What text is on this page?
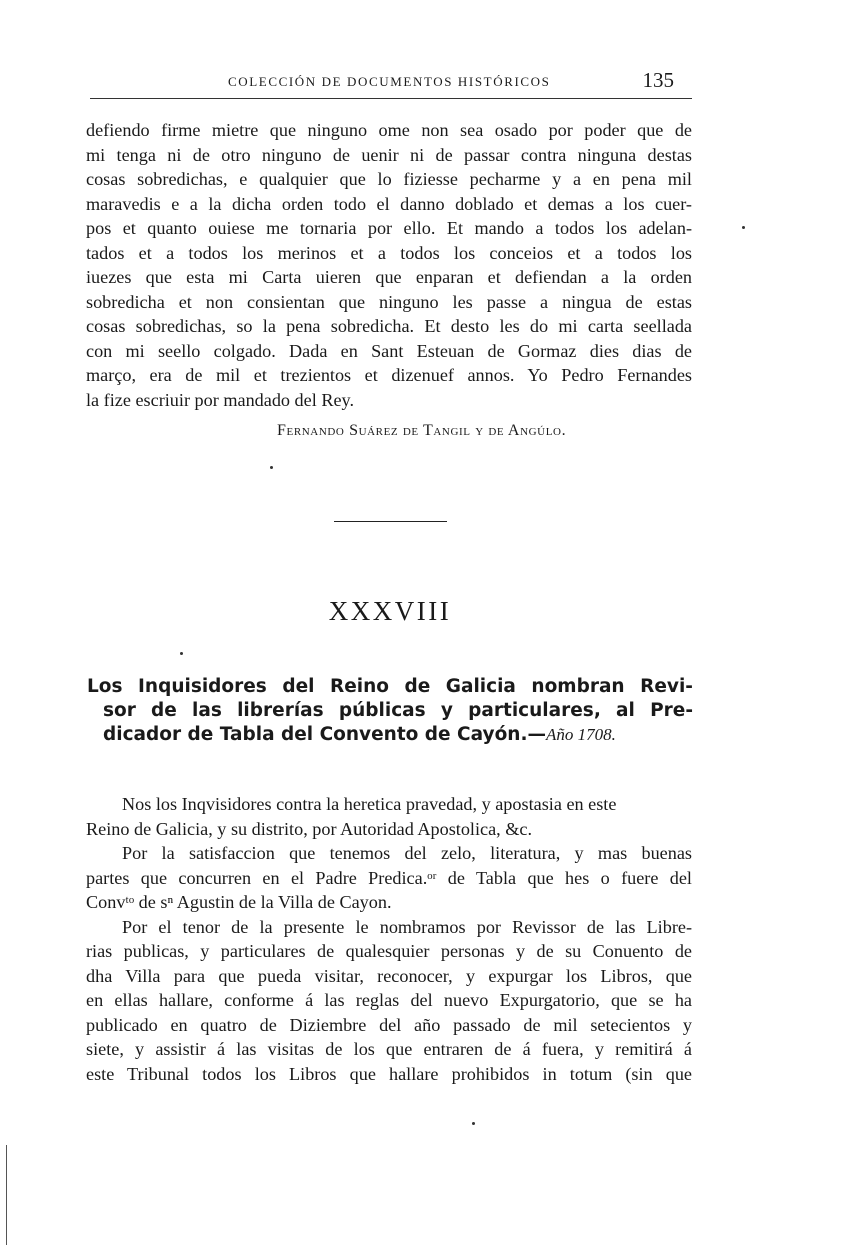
COLECCIÓN DE DOCUMENTOS HISTÓRICOS	135
defiendo firme mietre que ninguno ome non sea osado por poder que de
mi tenga ni de otro ninguno de uenir ni de passar contra ninguna destas
cosas sobredichas, e qualquier que lo fiziesse pecharme y a en pena mil
maravedis e a la dicha orden todo el danno doblado et demas a los cuer-
pos et quanto ouiese me tornaria por ello. Et mando a todos los adelan-
tados et a todos los merinos et a todos los conceios et a todos los
iuezes que esta mi Carta uieren que enparan et defiendan a la orden
sobredicha et non consientan que ninguno les passe a ningua de estas
cosas sobredichas, so la pena sobredicha. Et desto les do mi carta seellada
con mi seello colgado. Dada en Sant Esteuan de Gormaz dies dias de
março, era de mil et trezientos et dizenuef annos. Yo Pedro Fernandes
la fize escriuir por mandado del Rey.
Fernando Suárez de Tangil y de Angúlo.
XXXVIII
Los Inquisidores del Reino de Galicia nombran Revi-
sor de las librerías públicas y particulares, al Pre-
dicador de Tabla del Convento de Cayón.—Año 1708.
Nos los Inqvisidores contra la heretica pravedad, y apostasia en este
Reino de Galicia, y su distrito, por Autoridad Apostolica, &c.
Por la satisfaccion que tenemos del zelo, literatura, y mas buenas
partes que concurren en el Padre Predica.ᵒʳ de Tabla que hes o fuere del
Convᵗᵒ de sⁿ Agustin de la Villa de Cayon.
Por el tenor de la presente le nombramos por Revissor de las Libre-
rias publicas, y particulares de qualesquier personas y de su Conuento de
dha Villa para que pueda visitar, reconocer, y expurgar los Libros, que
en ellas hallare, conforme á las reglas del nuevo Expurgatorio, que se ha
publicado en quatro de Diziembre del año passado de mil setecientos y
siete, y assistir á las visitas de los que entraren de á fuera, y remitirá á
este Tribunal todos los Libros que hallare prohibidos in totum (sin que
